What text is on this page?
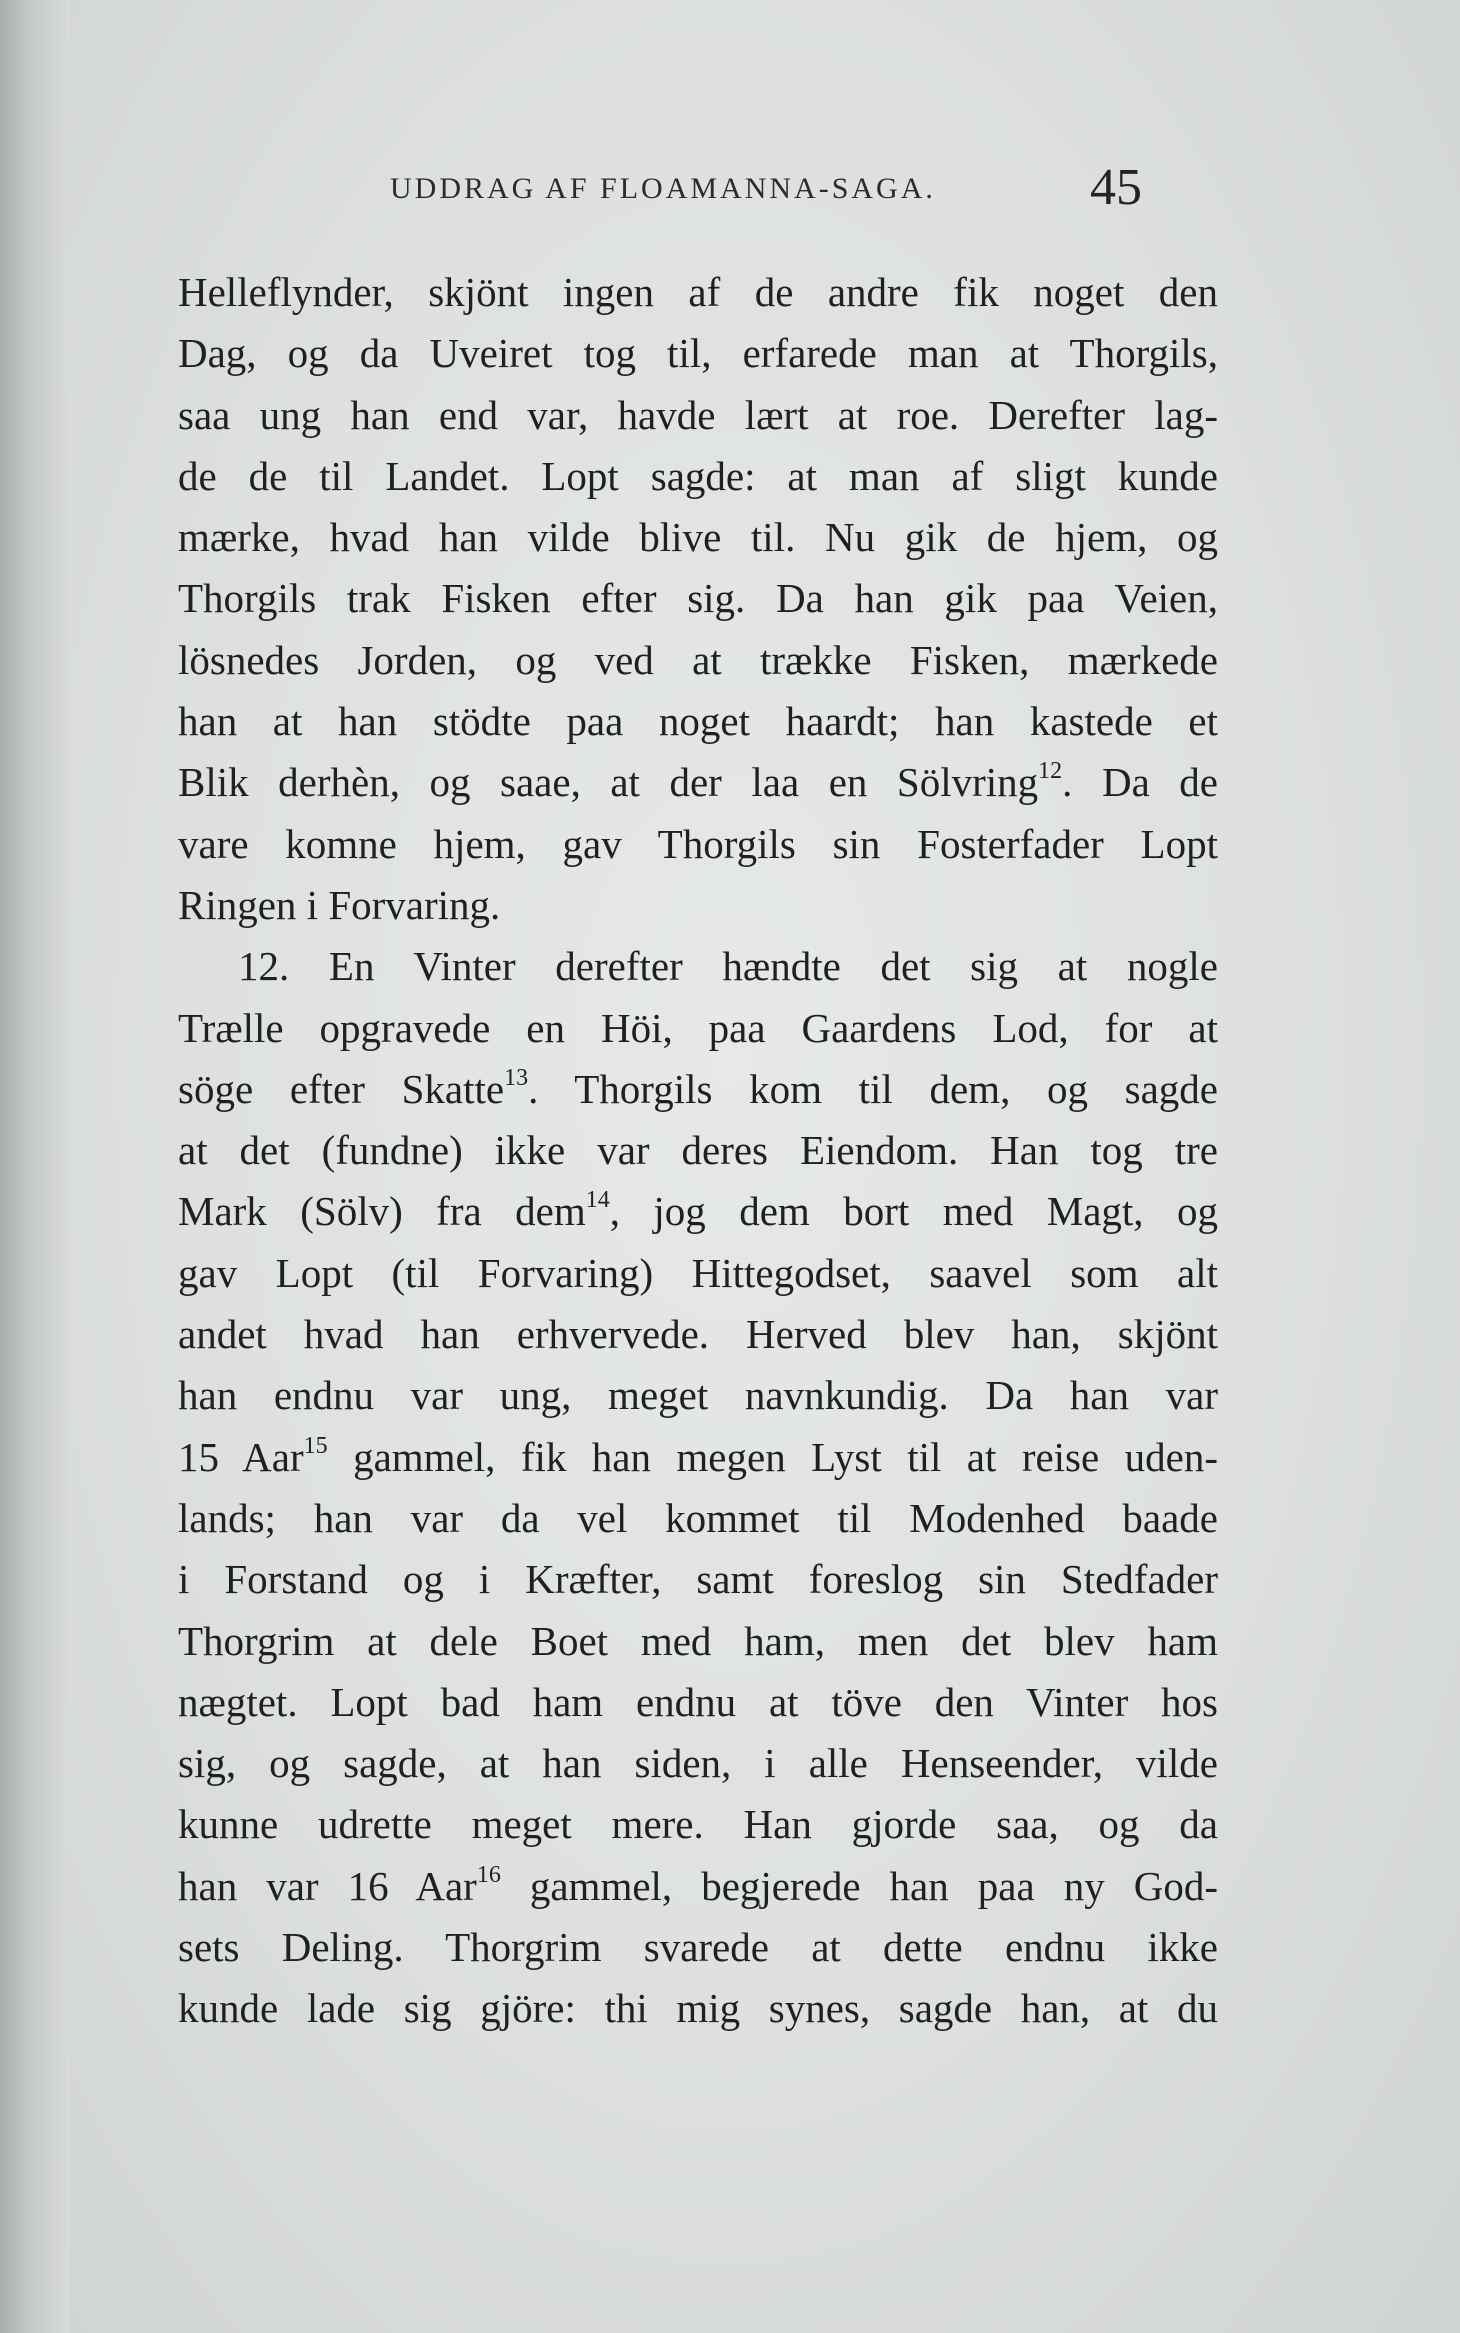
UDDRAG AF FLOAMANNA-SAGA.	45
Helleflynder, skjönt ingen af de andre fik noget den
Dag, og da Uveiret tog til, erfarede man at Thorgils,
saa ung han end var, havde lært at roe. Derefter lag-
de de til Landet. Lopt sagde: at man af sligt kunde
mærke, hvad han vilde blive til. Nu gik de hjem, og
Thorgils trak Fisken efter sig. Da han gik paa Veien,
lösnedes Jorden, og ved at trække Fisken, mærkede
han at han stödte paa noget haardt; han kastede et
Blik derhèn, og saae, at der laa en Sölvring$^{12}$. Da de
vare komne hjem, gav Thorgils sin Fosterfader Lopt
Ringen i Forvaring.
12. En Vinter derefter hændte det sig at nogle
Trælle opgravede en Höi, paa Gaardens Lod, for at
söge efter Skatte$^{13}$. Thorgils kom til dem, og sagde
at det (fundne) ikke var deres Eiendom. Han tog tre
Mark (Sölv) fra dem$^{14}$, jog dem bort med Magt, og
gav Lopt (til Forvaring) Hittegodset, saavel som alt
andet hvad han erhvervede. Herved blev han, skjönt
han endnu var ung, meget navnkundig. Da han var
15 Aar$^{15}$ gammel, fik han megen Lyst til at reise uden-
lands; han var da vel kommet til Modenhed baade
i Forstand og i Kræfter, samt foreslog sin Stedfader
Thorgrim at dele Boet med ham, men det blev ham
nægtet. Lopt bad ham endnu at töve den Vinter hos
sig, og sagde, at han siden, i alle Henseender, vilde
kunne udrette meget mere. Han gjorde saa, og da
han var 16 Aar$^{16}$ gammel, begjerede han paa ny God-
sets Deling. Thorgrim svarede at dette endnu ikke
kunde lade sig gjöre: thi mig synes, sagde han, at du
